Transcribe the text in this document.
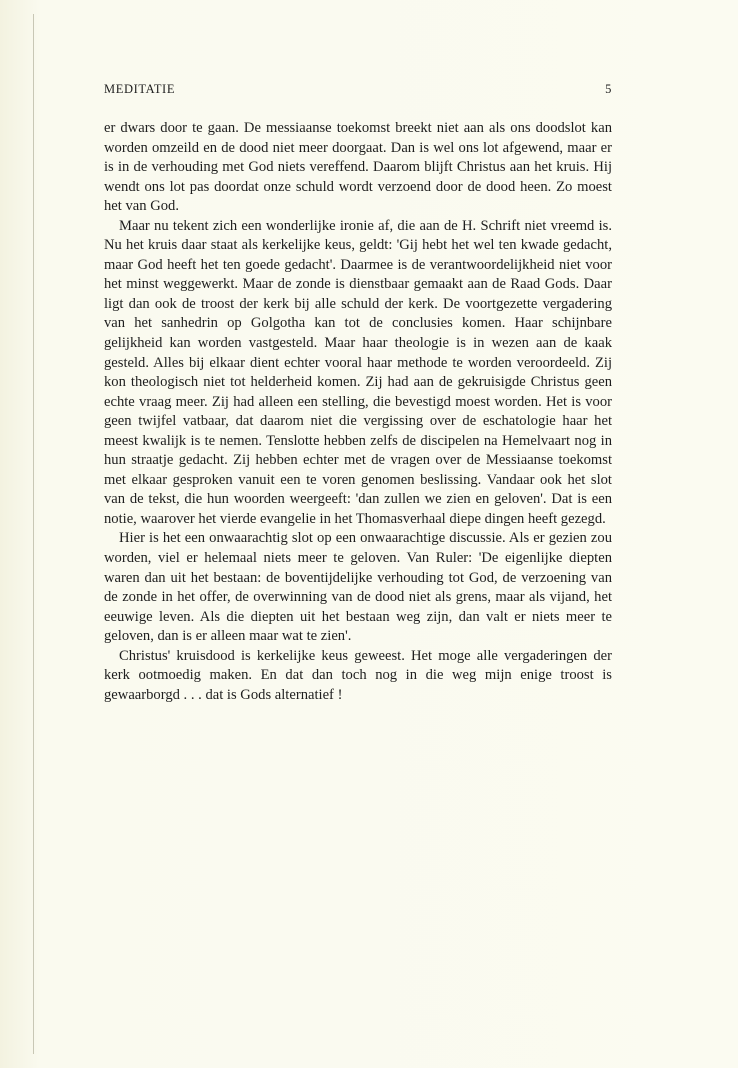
MEDITATIE	5

er dwars door te gaan. De messiaanse toekomst breekt niet aan als ons doodslot kan worden omzeild en de dood niet meer doorgaat. Dan is wel ons lot afgewend, maar er is in de verhouding met God niets vereffend. Daarom blijft Christus aan het kruis. Hij wendt ons lot pas doordat onze schuld wordt verzoend door de dood heen. Zo moest het van God.

Maar nu tekent zich een wonderlijke ironie af, die aan de H. Schrift niet vreemd is. Nu het kruis daar staat als kerkelijke keus, geldt: 'Gij hebt het wel ten kwade gedacht, maar God heeft het ten goede gedacht'. Daarmee is de verantwoordelijkheid niet voor het minst weggewerkt. Maar de zonde is dienstbaar gemaakt aan de Raad Gods. Daar ligt dan ook de troost der kerk bij alle schuld der kerk. De voortgezette vergadering van het sanhedrin op Golgotha kan tot de conclusies komen. Haar schijnbare gelijkheid kan worden vastgesteld. Maar haar theologie is in wezen aan de kaak gesteld. Alles bij elkaar dient echter vooral haar methode te worden veroordeeld. Zij kon theologisch niet tot helderheid komen. Zij had aan de gekruisigde Christus geen echte vraag meer. Zij had alleen een stelling, die bevestigd moest worden. Het is voor geen twijfel vatbaar, dat daarom niet die vergissing over de eschatologie haar het meest kwalijk is te nemen. Tenslotte hebben zelfs de discipelen na Hemelvaart nog in hun straatje gedacht. Zij hebben echter met de vragen over de Messiaanse toekomst met elkaar gesproken vanuit een te voren genomen beslissing. Vandaar ook het slot van de tekst, die hun woorden weergeeft: 'dan zullen we zien en geloven'. Dat is een notie, waarover het vierde evangelie in het Thomasverhaal diepe dingen heeft gezegd.

Hier is het een onwaarachtig slot op een onwaarachtige discussie. Als er gezien zou worden, viel er helemaal niets meer te geloven. Van Ruler: 'De eigenlijke diepten waren dan uit het bestaan: de boventijdelijke verhouding tot God, de verzoening van de zonde in het offer, de overwinning van de dood niet als grens, maar als vijand, het eeuwige leven. Als die diepten uit het bestaan weg zijn, dan valt er niets meer te geloven, dan is er alleen maar wat te zien'.

Christus' kruisdood is kerkelijke keus geweest. Het moge alle vergaderingen der kerk ootmoedig maken. En dat dan toch nog in die weg mijn enige troost is gewaarborgd . . . dat is Gods alternatief !
